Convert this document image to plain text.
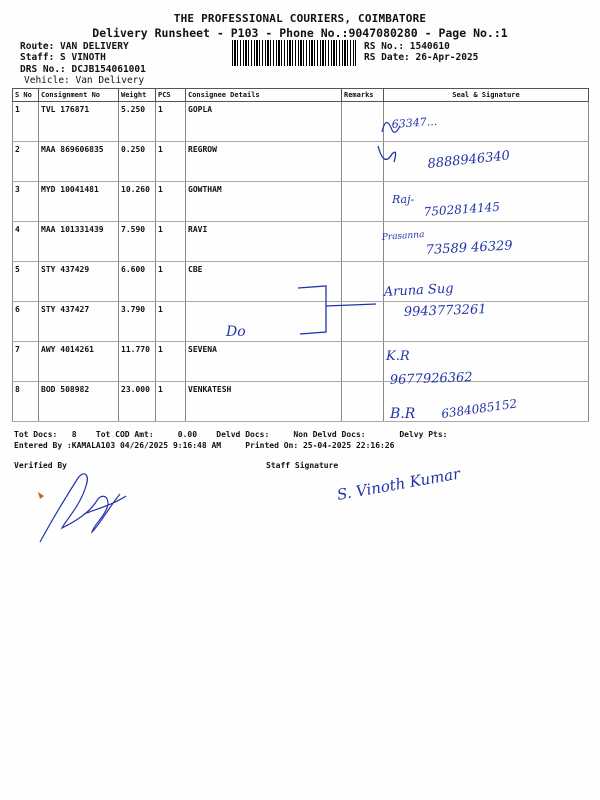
THE PROFESSIONAL COURIERS, COIMBATORE
Delivery Runsheet - P103 - Phone No.:9047080280 - Page No.:1
Route: VAN DELIVERY
Staff: S VINOTH
DRS No.: DCJB154061001
Vehicle: Van Delivery
RS No.: 1540610
RS Date: 26-Apr-2025
S No	Consignment No	Weight	PCS	Consignee Details	Remarks	Seal & Signature
1	TVL 176871	5.250	1	GOPLA		
2	MAA 869606835	0.250	1	REGROW		
3	MYD 10041481	10.260	1	GOWTHAM		
4	MAA 101331439	7.590	1	RAVI		
5	STY 437429	6.600	1	CBE		
6	STY 437427	3.790	1			
7	AWY 4014261	11.770	1	SEVENA		
8	BOD 508982	23.000	1	VENKATESH		
Tot Docs:   8    Tot COD Amt:     0.00    Delvd Docs:     Non Delvd Docs:       Delvy Pts:
Entered By :KAMALA103 04/26/2025 9:16:48 AM     Printed On: 25-04-2025 22:16:26
Verified By	Staff Signature
63347...
8888946340
Raj-
7502814145
Prasanna
73589 46329
Aruna Sug
9943773261
Do
K.R
9677926362
B.R 6384085152
S. Vinoth Kumar
